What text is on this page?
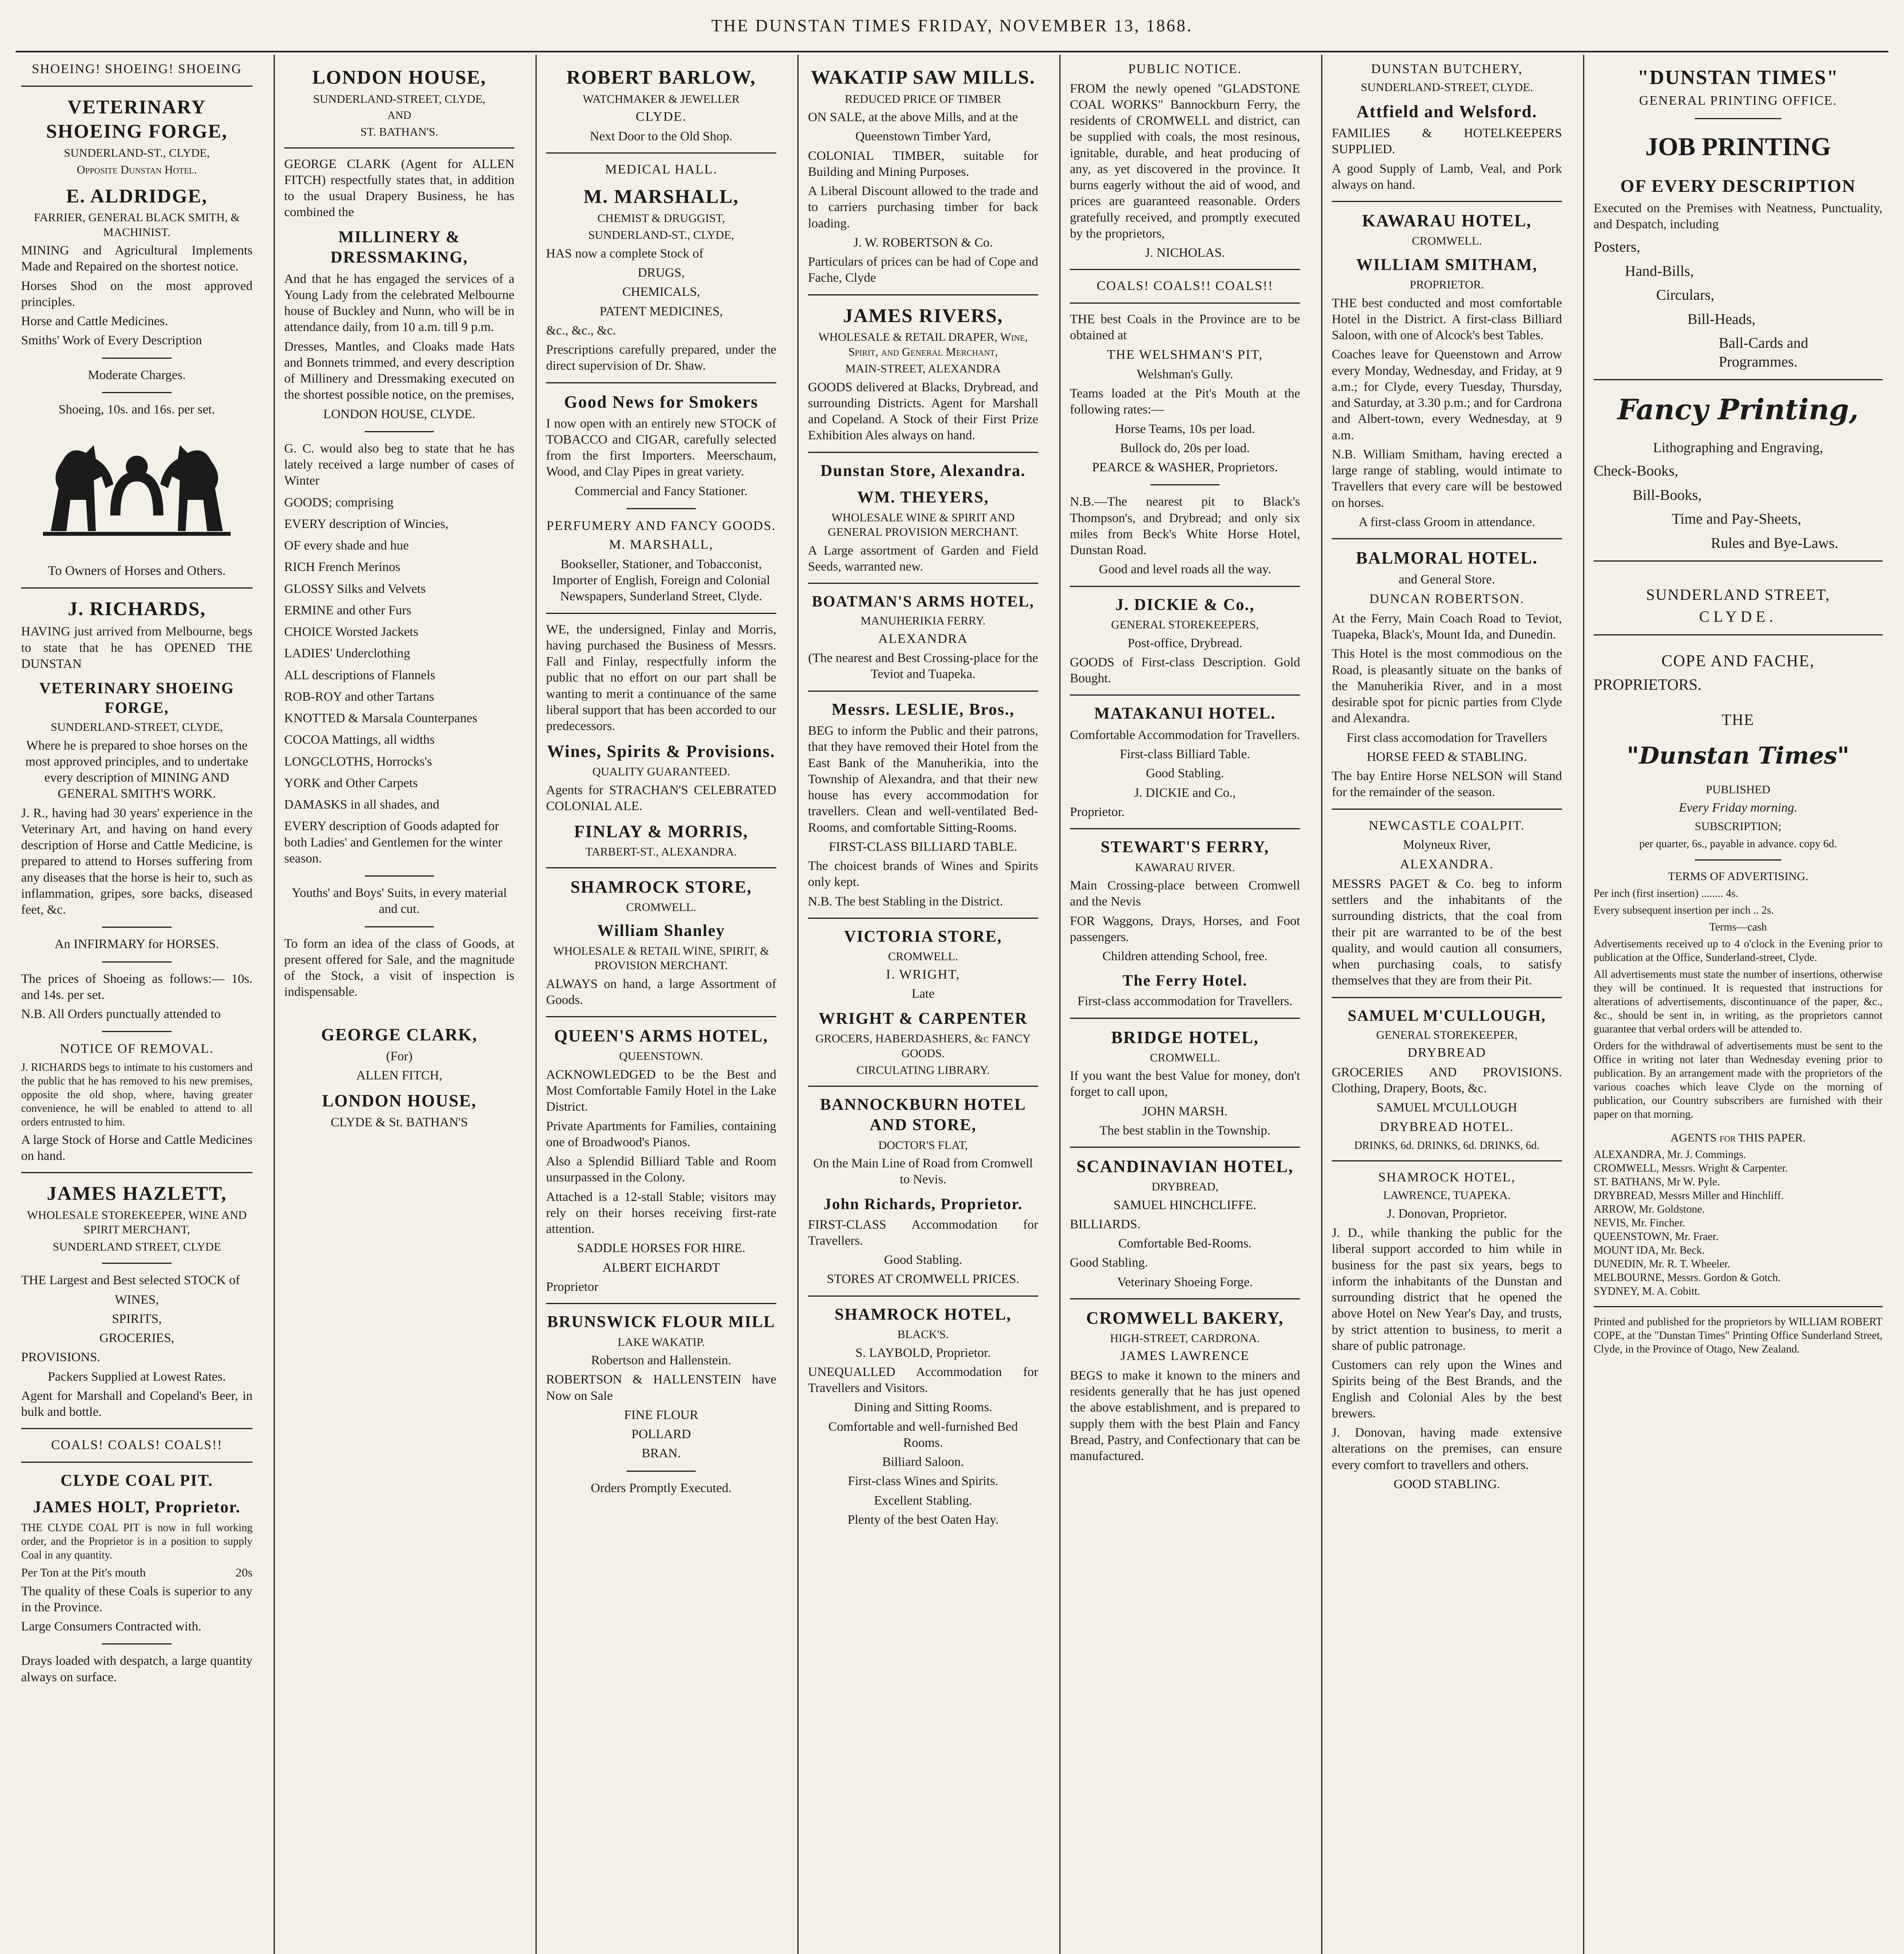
THE DUNSTAN TIMES FRIDAY, NOVEMBER 13, 1868.
SHOEING! SHOEING! SHOEING
VETERINARY SHOEING FORGE,
SUNDERLAND-ST., CLYDE,
Opposite Dunstan Hotel.
E. ALDRIDGE,
FARRIER, GENERAL BLACK SMITH, & MACHINIST.

MINING and Agricultural Implements Made and Repaired on the shortest notice.

Horses Shod on the most approved principles.

Horse and Cattle Medicines.

Smiths' Work of Every Description

Moderate Charges.

Shoeing, 10s. and 16s. per set.

To Owners of Horses and Others.
J. RICHARDS,

HAVING just arrived from Melbourne, begs to state that he has OPENED THE DUNSTAN

VETERINARY SHOEING FORGE,
SUNDERLAND-STREET, CLYDE,

Where he is prepared to shoe horses on the most approved principles, and to undertake every description of MINING AND GENERAL SMITH'S WORK.

J. R., having had 30 years' experience in the Veterinary Art, and having on hand every description of Horse and Cattle Medicine, is prepared to attend to Horses suffering from any diseases that the horse is heir to, such as inflammation, gripes, sore backs, diseased feet, &c.

An INFIRMARY for HORSES.

The prices of Shoeing as follows:— 10s. and 14s. per set.

N.B. All Orders punctually attended to

NOTICE OF REMOVAL.

J. RICHARDS begs to intimate to his customers and the public that he has removed to his new premises, opposite the old shop, where, having greater convenience, he will be enabled to attend to all orders entrusted to him.

A large Stock of Horse and Cattle Medicines on hand.

JAMES HAZLETT,
WHOLESALE STOREKEEPER, WINE AND SPIRIT MERCHANT,
SUNDERLAND STREET, CLYDE

THE Largest and Best selected STOCK of

WINES,

SPIRITS,

GROCERIES,

PROVISIONS.

Packers Supplied at Lowest Rates.

Agent for Marshall and Copeland's Beer, in bulk and bottle.

COALS! COALS! COALS!!
CLYDE COAL PIT.
JAMES HOLT, Proprietor.

THE CLYDE COAL PIT is now in full working order, and the Proprietor is in a position to supply Coal in any quantity.

Per Ton at the Pit's mouth	20s

The quality of these Coals is superior to any in the Province.

Large Consumers Contracted with.

Drays loaded with despatch, a large quantity always on surface.

LONDON HOUSE,
SUNDERLAND-STREET, CLYDE,
AND
ST. BATHAN'S.

GEORGE CLARK (Agent for ALLEN FITCH) respectfully states that, in addition to the usual Drapery Business, he has combined the

MILLINERY & DRESSMAKING,

And that he has engaged the services of a Young Lady from the celebrated Melbourne house of Buckley and Nunn, who will be in attendance daily, from 10 a.m. till 9 p.m.

Dresses, Mantles, and Cloaks made Hats and Bonnets trimmed, and every description of Millinery and Dressmaking executed on the shortest possible notice, on the premises,

LONDON HOUSE, CLYDE.

G. C. would also beg to state that he has lately received a large number of cases of Winter

GOODS; comprising

EVERY description of Wincies,

OF every shade and hue

RICH French Merinos

GLOSSY Silks and Velvets

ERMINE and other Furs

CHOICE Worsted Jackets

LADIES' Underclothing

ALL descriptions of Flannels

ROB-ROY and other Tartans

KNOTTED & Marsala Counterpanes

COCOA Mattings, all widths

LONGCLOTHS, Horrocks's

YORK and Other Carpets

DAMASKS in all shades, and

EVERY description of Goods adapted for both Ladies' and Gentlemen for the winter season.

Youths' and Boys' Suits, in every material and cut.

To form an idea of the class of Goods, at present offered for Sale, and the magnitude of the Stock, a visit of inspection is indispensable.

GEORGE CLARK,

(For)

ALLEN FITCH,

LONDON HOUSE,

CLYDE & St. BATHAN'S

ROBERT BARLOW,
WATCHMAKER & JEWELLER
CLYDE.

Next Door to the Old Shop.

MEDICAL HALL.
M. MARSHALL,
CHEMIST & DRUGGIST,
SUNDERLAND-ST., CLYDE,

HAS now a complete Stock of

DRUGS,

CHEMICALS,

PATENT MEDICINES,

&c., &c., &c.

Prescriptions carefully prepared, under the direct supervision of Dr. Shaw.

Good News for Smokers

I now open with an entirely new STOCK of TOBACCO and CIGAR, carefully selected from the first Importers. Meerschaum, Wood, and Clay Pipes in great variety.

Commercial and Fancy Stationer.

PERFUMERY AND FANCY GOODS.
M. MARSHALL,

Bookseller, Stationer, and Tobacconist, Importer of English, Foreign and Colonial Newspapers, Sunderland Street, Clyde.

WE, the undersigned, Finlay and Morris, having purchased the Business of Messrs. Fall and Finlay, respectfully inform the public that no effort on our part shall be wanting to merit a continuance of the same liberal support that has been accorded to our predecessors.

Wines, Spirits & Provisions.
QUALITY GUARANTEED.

Agents for STRACHAN'S CELEBRATED COLONIAL ALE.

FINLAY & MORRIS,
TARBERT-ST., ALEXANDRA.
SHAMROCK STORE,
CROMWELL.
William Shanley
WHOLESALE & RETAIL WINE, SPIRIT, & PROVISION MERCHANT.

ALWAYS on hand, a large Assortment of Goods.

QUEEN'S ARMS HOTEL,
QUEENSTOWN.

ACKNOWLEDGED to be the Best and Most Comfortable Family Hotel in the Lake District.

Private Apartments for Families, containing one of Broadwood's Pianos.

Also a Splendid Billiard Table and Room unsurpassed in the Colony.

Attached is a 12-stall Stable; visitors may rely on their horses receiving first-rate attention.

SADDLE HORSES FOR HIRE.

ALBERT EICHARDT

Proprietor

BRUNSWICK FLOUR MILL
LAKE WAKATIP.

Robertson and Hallenstein.

ROBERTSON & HALLENSTEIN have Now on Sale

FINE FLOUR

POLLARD

BRAN.

Orders Promptly Executed.

WAKATIP SAW MILLS.
REDUCED PRICE OF TIMBER

ON SALE, at the above Mills, and at the

Queenstown Timber Yard,

COLONIAL TIMBER, suitable for Building and Mining Purposes.

A Liberal Discount allowed to the trade and to carriers purchasing timber for back loading.

J. W. ROBERTSON & Co.

Particulars of prices can be had of Cope and Fache, Clyde

JAMES RIVERS,
WHOLESALE & RETAIL DRAPER, Wine, Spirit, and General Merchant,
MAIN-STREET, ALEXANDRA

GOODS delivered at Blacks, Drybread, and surrounding Districts. Agent for Marshall and Copeland. A Stock of their First Prize Exhibition Ales always on hand.

Dunstan Store, Alexandra.
WM. THEYERS,
WHOLESALE WINE & SPIRIT AND GENERAL PROVISION MERCHANT.

A Large assortment of Garden and Field Seeds, warranted new.

BOATMAN'S ARMS HOTEL,
MANUHERIKIA FERRY.
ALEXANDRA

(The nearest and Best Crossing-place for the Teviot and Tuapeka.

Messrs. LESLIE, Bros.,

BEG to inform the Public and their patrons, that they have removed their Hotel from the East Bank of the Manuherikia, into the Township of Alexandra, and that their new house has every accommodation for travellers. Clean and well-ventilated Bed-Rooms, and comfortable Sitting-Rooms.

FIRST-CLASS BILLIARD TABLE.

The choicest brands of Wines and Spirits only kept.

N.B. The best Stabling in the District.

VICTORIA STORE,
CROMWELL.
I. WRIGHT,

Late

WRIGHT & CARPENTER
GROCERS, HABERDASHERS, &c FANCY GOODS.
CIRCULATING LIBRARY.
BANNOCKBURN HOTEL AND STORE,
DOCTOR'S FLAT,

On the Main Line of Road from Cromwell to Nevis.

John Richards, Proprietor.

FIRST-CLASS Accommodation for Travellers.

Good Stabling.

STORES AT CROMWELL PRICES.

SHAMROCK HOTEL,
BLACK'S.

S. LAYBOLD, Proprietor.

UNEQUALLED Accommodation for Travellers and Visitors.

Dining and Sitting Rooms.

Comfortable and well-furnished Bed Rooms.

Billiard Saloon.

First-class Wines and Spirits.

Excellent Stabling.

Plenty of the best Oaten Hay.

PUBLIC NOTICE.

FROM the newly opened "GLADSTONE COAL WORKS" Bannockburn Ferry, the residents of CROMWELL and district, can be supplied with coals, the most resinous, ignitable, durable, and heat producing of any, as yet discovered in the province. It burns eagerly without the aid of wood, and prices are guaranteed reasonable. Orders gratefully received, and promptly executed by the proprietors,

J. NICHOLAS.

COALS! COALS!! COALS!!

THE best Coals in the Province are to be obtained at

THE WELSHMAN'S PIT,

Welshman's Gully.

Teams loaded at the Pit's Mouth at the following rates:—

Horse Teams, 10s per load.

Bullock do, 20s per load.

PEARCE & WASHER, Proprietors.

N.B.—The nearest pit to Black's Thompson's, and Drybread; and only six miles from Beck's White Horse Hotel, Dunstan Road.

Good and level roads all the way.

J. DICKIE & Co.,
GENERAL STOREKEEPERS,

Post-office, Drybread.

GOODS of First-class Description. Gold Bought.

MATAKANUI HOTEL.

Comfortable Accommodation for Travellers.

First-class Billiard Table.

Good Stabling.

J. DICKIE and Co.,

Proprietor.

STEWART'S FERRY,
KAWARAU RIVER.

Main Crossing-place between Cromwell and the Nevis

FOR Waggons, Drays, Horses, and Foot passengers.

Children attending School, free.

The Ferry Hotel.

First-class accommodation for Travellers.

BRIDGE HOTEL,
CROMWELL.

If you want the best Value for money, don't forget to call upon,

JOHN MARSH.

The best stablin in the Township.

SCANDINAVIAN HOTEL,
DRYBREAD,

SAMUEL HINCHCLIFFE.

BILLIARDS.

Comfortable Bed-Rooms.

Good Stabling.

Veterinary Shoeing Forge.

CROMWELL BAKERY,
HIGH-STREET, CARDRONA.
JAMES LAWRENCE

BEGS to make it known to the miners and residents generally that he has just opened the above establishment, and is prepared to supply them with the best Plain and Fancy Bread, Pastry, and Confectionary that can be manufactured.

DUNSTAN BUTCHERY,
SUNDERLAND-STREET, CLYDE.
Attfield and Welsford.

FAMILIES & HOTELKEEPERS SUPPLIED.

A good Supply of Lamb, Veal, and Pork always on hand.

KAWARAU HOTEL,
CROMWELL.
WILLIAM SMITHAM,
PROPRIETOR.

THE best conducted and most comfortable Hotel in the District. A first-class Billiard Saloon, with one of Alcock's best Tables.

Coaches leave for Queenstown and Arrow every Monday, Wednesday, and Friday, at 9 a.m.; for Clyde, every Tuesday, Thursday, and Saturday, at 3.30 p.m.; and for Cardrona and Albert-town, every Wednesday, at 9 a.m.

N.B. William Smitham, having erected a large range of stabling, would intimate to Travellers that every care will be bestowed on horses.

A first-class Groom in attendance.

BALMORAL HOTEL.

and General Store.

DUNCAN ROBERTSON.

At the Ferry, Main Coach Road to Teviot, Tuapeka, Black's, Mount Ida, and Dunedin.

This Hotel is the most commodious on the Road, is pleasantly situate on the banks of the Manuherikia River, and in a most desirable spot for picnic parties from Clyde and Alexandra.

First class accomodation for Travellers

HORSE FEED & STABLING.

The bay Entire Horse NELSON will Stand for the remainder of the season.

NEWCASTLE COALPIT.

Molyneux River,

ALEXANDRA.

MESSRS PAGET & Co. beg to inform settlers and the inhabitants of the surrounding districts, that the coal from their pit are warranted to be of the best quality, and would caution all consumers, when purchasing coals, to satisfy themselves that they are from their Pit.

SAMUEL M'CULLOUGH,
GENERAL STOREKEEPER,
DRYBREAD

GROCERIES AND PROVISIONS. Clothing, Drapery, Boots, &c.

SAMUEL M'CULLOUGH

DRYBREAD HOTEL.

DRINKS, 6d. DRINKS, 6d. DRINKS, 6d.

SHAMROCK HOTEL,
LAWRENCE, TUAPEKA.

J. Donovan, Proprietor.

J. D., while thanking the public for the liberal support accorded to him while in business for the past six years, begs to inform the inhabitants of the Dunstan and surrounding district that he opened the above Hotel on New Year's Day, and trusts, by strict attention to business, to merit a share of public patronage.

Customers can rely upon the Wines and Spirits being of the Best Brands, and the English and Colonial Ales by the best brewers.

J. Donovan, having made extensive alterations on the premises, can ensure every comfort to travellers and others.

GOOD STABLING.

"DUNSTAN TIMES"
GENERAL PRINTING OFFICE.
JOB PRINTING
OF EVERY DESCRIPTION

Executed on the Premises with Neatness, Punctuality, and Despatch, including

Posters,

Hand-Bills,

Circulars,

Bill-Heads,

Ball-Cards and Programmes.

Fancy Printing,

Lithographing and Engraving,

Check-Books,

Bill-Books,

Time and Pay-Sheets,

Rules and Bye-Laws.

SUNDERLAND STREET,
CLYDE.
COPE AND FACHE,

PROPRIETORS.

THE
"Dunstan Times"
PUBLISHED

Every Friday morning.

SUBSCRIPTION;

per quarter, 6s., payable in advance. copy 6d.

TERMS OF ADVERTISING.

Per inch (first insertion) ........ 4s.

Every subsequent insertion per inch .. 2s.

Terms—cash

Advertisements received up to 4 o'clock in the Evening prior to publication at the Office, Sunderland-street, Clyde.

All advertisements must state the number of insertions, otherwise they will be continued. It is requested that instructions for alterations of advertisements, discontinuance of the paper, &c., &c., should be sent in, in writing, as the proprietors cannot guarantee that verbal orders will be attended to.

Orders for the withdrawal of advertisements must be sent to the Office in writing not later than Wednesday evening prior to publication. By an arrangement made with the proprietors of the various coaches which leave Clyde on the morning of publication, our Country subscribers are furnished with their paper on that morning.

AGENTS for THIS PAPER.
ALEXANDRA, Mr. J. Commings.
CROMWELL, Messrs. Wright & Carpenter.
ST. BATHANS, Mr W. Pyle.
DRYBREAD, Messrs Miller and Hinchliff.
ARROW, Mr. Goldstone.
NEVIS, Mr. Fincher.
QUEENSTOWN, Mr. Fraer.
MOUNT IDA, Mr. Beck.
DUNEDIN, Mr. R. T. Wheeler.
MELBOURNE, Messrs. Gordon & Gotch.
SYDNEY, M. A. Cobitt.

Printed and published for the proprietors by WILLIAM ROBERT COPE, at the "Dunstan Times" Printing Office Sunderland Street, Clyde, in the Province of Otago, New Zealand.
